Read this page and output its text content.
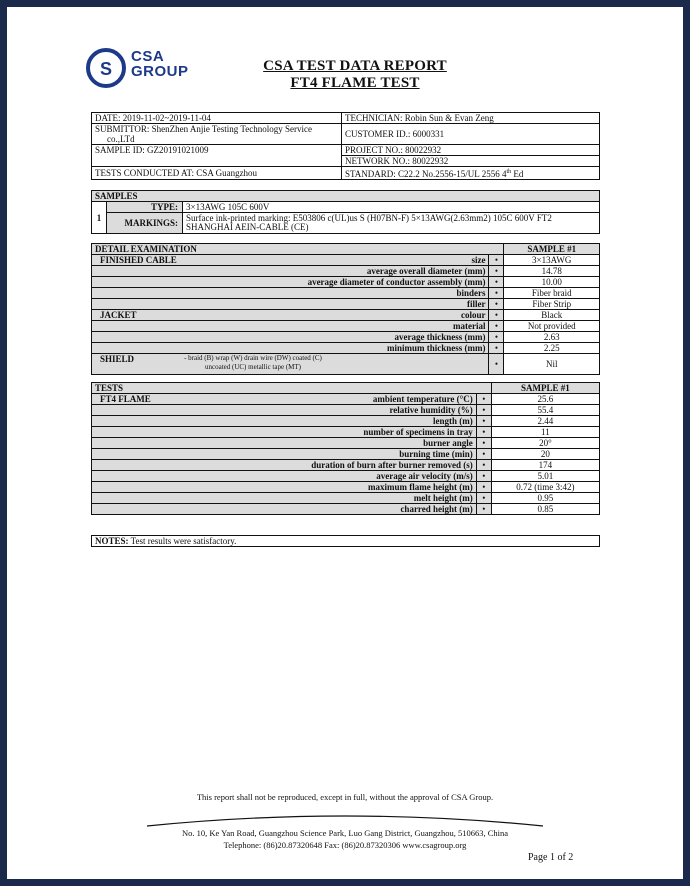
S
CSA
GROUP	CSA TEST DATA REPORT
FT4 FLAME TEST
DATE: 2019-11-02~2019-11-04	TECHNICIAN: Robin Sun & Evan Zeng

SUBMITTOR: ShenZhen Anjie Testing Technology Service
co.,LTd	CUSTOMER ID.: 6000331
SAMPLE ID: GZ20191021009	PROJECT NO.: 80022932
	NETWORK NO.: 80022932
TESTS CONDUCTED AT: CSA Guangzhou	STANDARD: C22.2 No.2556-15/UL 2556 4th Ed
SAMPLES		
1	TYPE:	3×13AWG 105C 600V
	MARKINGS:	Surface ink-printed marking: E503806 c(UL)us S (H07BN-F) 5×13AWG(2.63mm2) 105C 600V FT2
SHANGHAI AEIN-CABLE (CE)
DETAIL EXAMINATION		SAMPLE #1

FINISHED CABLE size	•	3×13AWG

average overall diameter (mm)	•	14.78

average diameter of conductor assembly (mm)	•	10.00

binders	•	Fiber braid

filler	•	Fiber Strip

JACKET colour	•	Black

material	•	Not provided

average thickness (mm)	•	2.63

minimum thickness (mm)	•	2.25

SHIELD - braid (B) wrap (W) drain wire (DW) coated (C)
uncoated (UC) metallic tape (MT)	•	Nil
TESTS		SAMPLE #1

FT4 FLAME ambient temperature (°C)	•	25.6

relative humidity (%)	•	55.4

length (m)	•	2.44

number of specimens in tray	•	11

burner angle	•	20°

burning time (min)	•	20

duration of burn after burner removed (s)	•	174

average air velocity (m/s)	•	5.01

maximum flame height (m)	•	0.72 (time 3:42)

melt height (m)	•	0.95

charred height (m)	•	0.85
NOTES: Test results were satisfactory.
This report shall not be reproduced, except in full, without the approval of CSA Group.
No. 10, Ke Yan Road, Guangzhou Science Park, Luo Gang District, Guangzhou, 510663, China
Telephone: (86)20.87320648 Fax: (86)20.87320306 www.csagroup.org
Page 1 of 2
